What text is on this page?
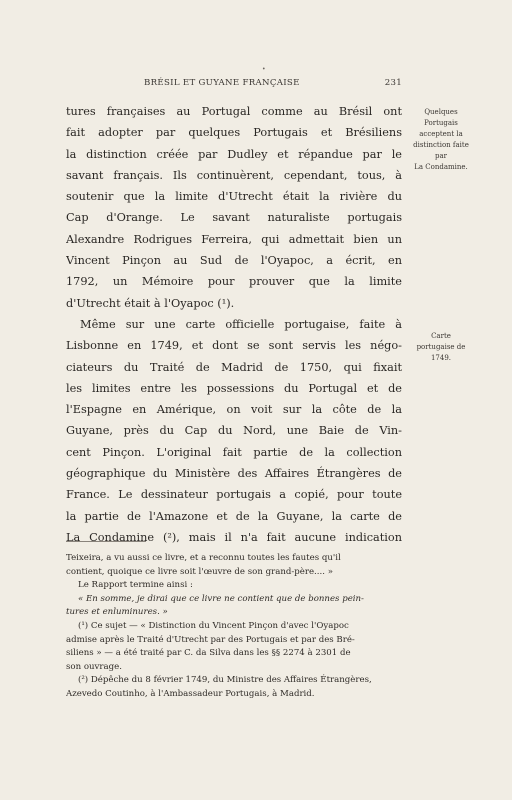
•
BRÉSIL ET GUYANE FRANÇAISE	231
tures françaises au Portugal comme au Brésil ont
fait adopter par quelques Portugais et Brésiliens
la distinction créée par Dudley et répandue par le
savant français. Ils continuèrent, cependant, tous, à
soutenir que la limite d'Utrecht était la rivière du
Cap d'Orange. Le savant naturaliste portugais
Alexandre Rodrigues Ferreira, qui admettait bien un
Vincent Pinçon au Sud de l'Oyapoc, a écrit, en
1792, un Mémoire pour prouver que la limite
d'Utrecht était à l'Oyapoc (¹).
Même sur une carte officielle portugaise, faite à
Lisbonne en 1749, et dont se sont servis les négo-
ciateurs du Traité de Madrid de 1750, qui fixait
les limites entre les possessions du Portugal et de
l'Espagne en Amérique, on voit sur la côte de la
Guyane, près du Cap du Nord, une Baie de Vin-
cent Pinçon. L'original fait partie de la collection
géographique du Ministère des Affaires Étrangères de
France. Le dessinateur portugais a copié, pour toute
la partie de l'Amazone et de la Guyane, la carte de
La Condamine (²), mais il n'a fait aucune indication
Quelques
Portugais
acceptent la
distinction faite
par
La Condamine.
Carte
portugaise de
1749.
Teixeira, a vu aussi ce livre, et a reconnu toutes les fautes qu'il
contient, quoique ce livre soit l'œuvre de son grand-père.... »
Le Rapport termine ainsi :
« En somme, je dirai que ce livre ne contient que de bonnes pein-
tures et enluminures. »
(¹) Ce sujet — « Distinction du Vincent Pinçon d'avec l'Oyapoc
admise après le Traité d'Utrecht par des Portugais et par des Bré-
siliens » — a été traité par C. da Silva dans les §§ 2274 à 2301 de
son ouvrage.
(²) Dépêche du 8 février 1749, du Ministre des Affaires Étrangères,
Azevedo Coutinho, à l'Ambassadeur Portugais, à Madrid.
